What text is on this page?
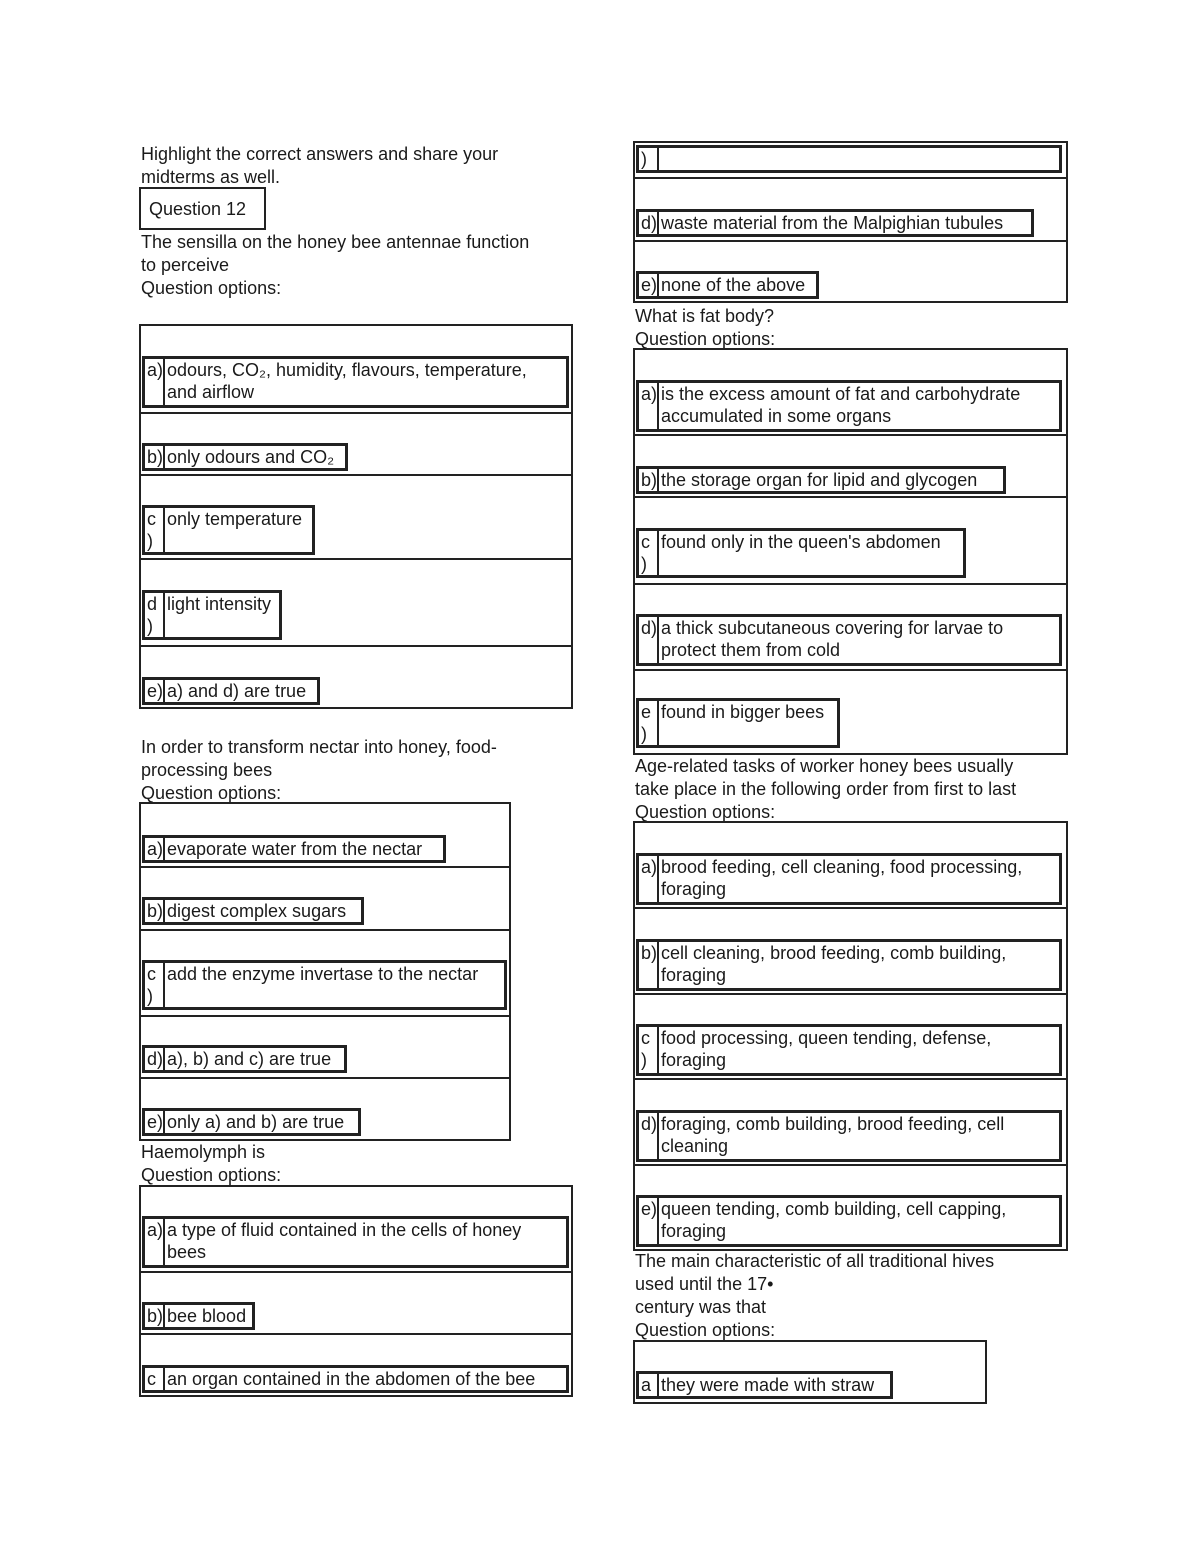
Highlight the correct answers and share your
midterms as well.
Question 12
The sensilla on the honey bee antennae function
to perceive
Question options:
a) odours, CO₂, humidity, flavours, temperature,
and airflow
b) only odours and CO₂
c
)
only temperature
d
)
light intensity
e) a) and d) are true
In order to transform nectar into honey, food-
processing bees
Question options:
a) evaporate water from the nectar
b) digest complex sugars
c
)
add the enzyme invertase to the nectar
d) a), b) and c) are true
e) only a) and b) are true
Haemolymph is
Question options:
a) a type of fluid contained in the cells of honey
bees
b) bee blood
c an organ contained in the abdomen of the bee
)
d) waste material from the Malpighian tubules
e) none of the above
What is fat body?
Question options:
a) is the excess amount of fat and carbohydrate
accumulated in some organs
b) the storage organ for lipid and glycogen
c
)
found only in the queen's abdomen
d) a thick subcutaneous covering for larvae to
protect them from cold
e
)
found in bigger bees
Age-related tasks of worker honey bees usually
take place in the following order from first to last
Question options:
a) brood feeding, cell cleaning, food processing,
foraging
b) cell cleaning, brood feeding, comb building,
foraging
c
)
food processing, queen tending, defense,
foraging
d) foraging, comb building, brood feeding, cell
cleaning
e) queen tending, comb building, cell capping,
foraging
The main characteristic of all traditional hives
used until the 17•
century was that
Question options:
a they were made with straw
